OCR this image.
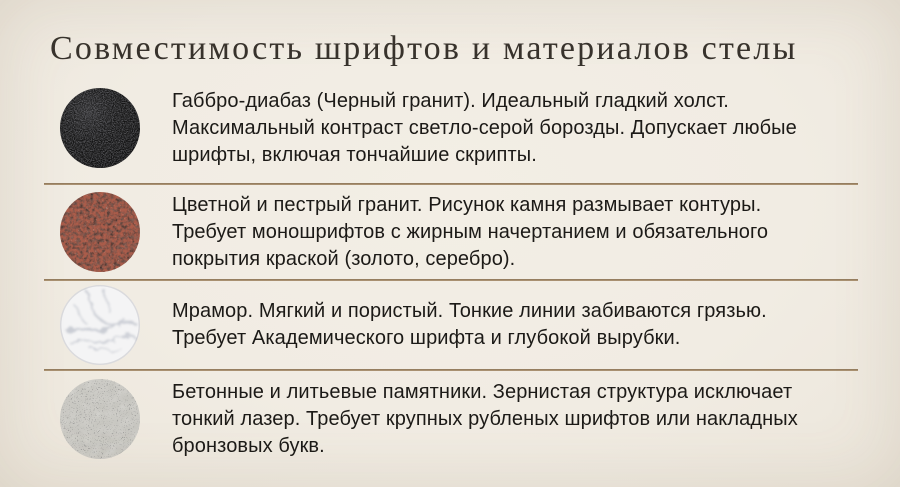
Совместимость шрифтов и материалов стелы
Габбро-диабаз (Черный гранит). Идеальный гладкий холст.
Максимальный контраст светло-серой борозды. Допускает любые
шрифты, включая тончайшие скрипты.
Цветной и пестрый гранит. Рисунок камня размывает контуры.
Требует моношрифтов с жирным начертанием и обязательного
покрытия краской (золото, серебро).
Мрамор. Мягкий и пористый. Тонкие линии забиваются грязью.
Требует Академического шрифта и глубокой вырубки.
Бетонные и литьевые памятники. Зернистая структура исключает
тонкий лазер. Требует крупных рубленых шрифтов или накладных
бронзовых букв.
